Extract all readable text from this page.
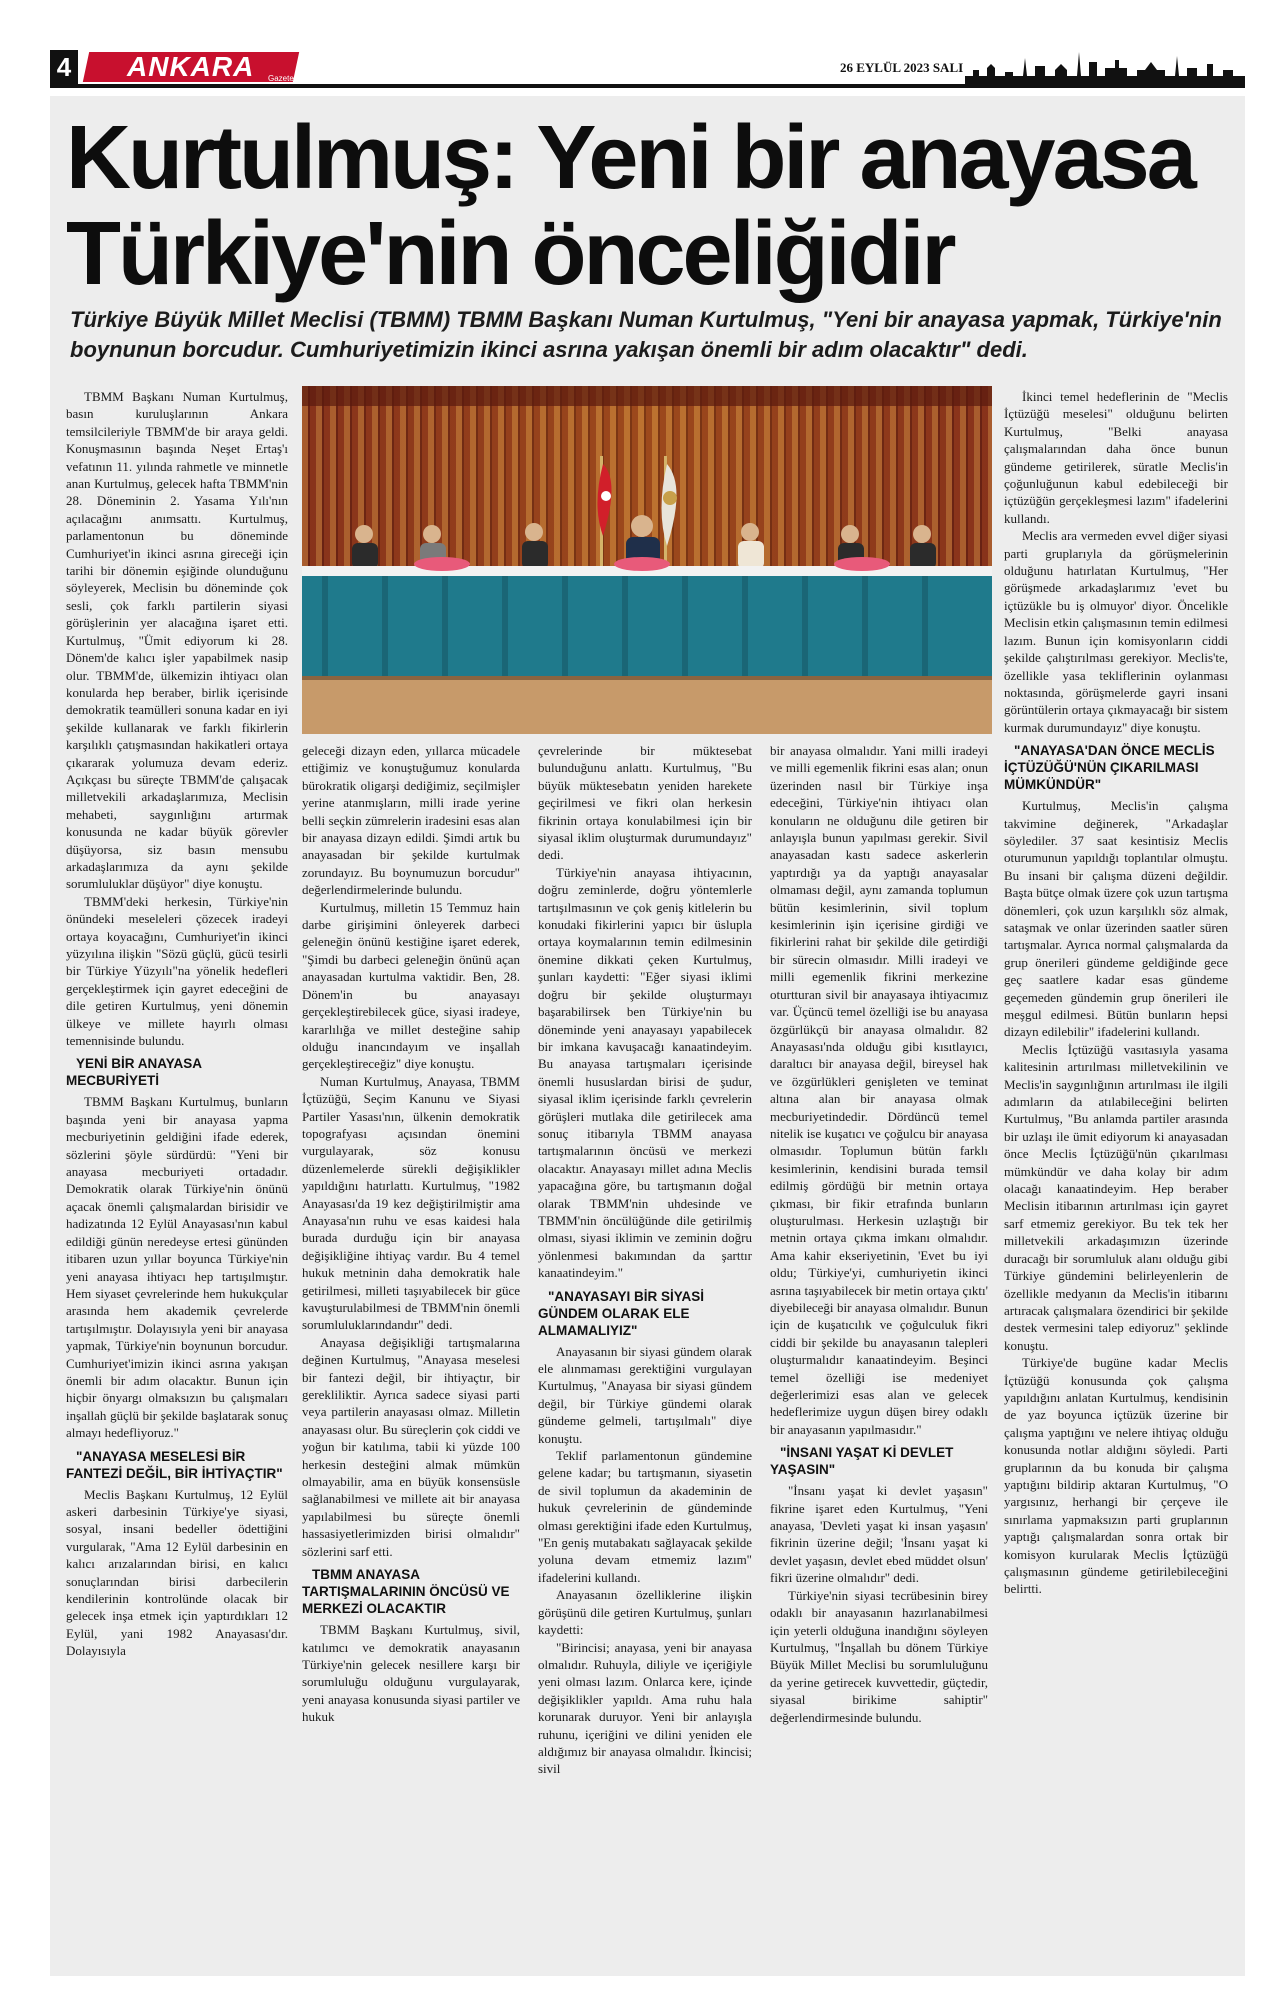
4	ANKARA	Gazetesi
26 EYLÜL 2023 SALI
Kurtulmuş: Yeni bir anayasa
Türkiye'nin önceliğidir
Türkiye Büyük Millet Meclisi (TBMM) TBMM Başkanı Numan Kurtulmuş, "Yeni bir anayasa yapmak, Türkiye'nin boynunun borcudur. Cumhuriyetimizin ikinci asrına yakışan önemli bir adım olacaktır" dedi.

TBMM Başkanı Numan Kurtulmuş, basın kuruluşlarının Ankara temsilcileriyle TBMM'de bir araya geldi. Konuşmasının başında Neşet Ertaş'ı vefatının 11. yılında rahmetle ve minnetle anan Kurtulmuş, gelecek hafta TBMM'nin 28. Döneminin 2. Yasama Yılı'nın açılacağını anımsattı. Kurtulmuş, parlamentonun bu döneminde Cumhuriyet'in ikinci asrına gireceği için tarihi bir dönemin eşiğinde olunduğunu söyleyerek, Meclisin bu döneminde çok sesli, çok farklı partilerin siyasi görüşlerinin yer alacağına işaret etti. Kurtulmuş, "Ümit ediyorum ki 28. Dönem'de kalıcı işler yapabilmek nasip olur. TBMM'de, ülkemizin ihtiyacı olan konularda hep beraber, birlik içerisinde demokratik teamülleri sonuna kadar en iyi şekilde kullanarak ve farklı fikirlerin karşılıklı çatışmasından hakikatleri ortaya çıkararak yolumuza devam ederiz. Açıkçası bu süreçte TBMM'de çalışacak milletvekili arkadaşlarımıza, Meclisin mehabeti, saygınlığını artırmak konusunda ne kadar büyük görevler düşüyorsa, siz basın mensubu arkadaşlarımıza da aynı şekilde sorumluluklar düşüyor" diye konuştu.

TBMM'deki herkesin, Türkiye'nin önündeki meseleleri çözecek iradeyi ortaya koyacağını, Cumhuriyet'in ikinci yüzyılına ilişkin "Sözü güçlü, gücü tesirli bir Türkiye Yüzyılı"na yönelik hedefleri gerçekleştirmek için gayret edeceğini de dile getiren Kurtulmuş, yeni dönemin ülkeye ve millete hayırlı olması temennisinde bulundu.

YENİ BİR ANAYASA MECBURİYETİ

TBMM Başkanı Kurtulmuş, bunların başında yeni bir anayasa yapma mecburiyetinin geldiğini ifade ederek, sözlerini şöyle sürdürdü: "Yeni bir anayasa mecburiyeti ortadadır. Demokratik olarak Türkiye'nin önünü açacak önemli çalışmalardan birisidir ve hadizatında 12 Eylül Anayasası'nın kabul edildiği günün neredeyse ertesi gününden itibaren uzun yıllar boyunca Türkiye'nin yeni anayasa ihtiyacı hep tartışılmıştır. Hem siyaset çevrelerinde hem hukukçular arasında hem akademik çevrelerde tartışılmıştır. Dolayısıyla yeni bir anayasa yapmak, Türkiye'nin boynunun borcudur. Cumhuriyet'imizin ikinci asrına yakışan önemli bir adım olacaktır. Bunun için hiçbir önyargı olmaksızın bu çalışmaları inşallah güçlü bir şekilde başlatarak sonuç almayı hedefliyoruz."

"ANAYASA MESELESİ BİR FANTEZİ DEĞİL, BİR İHTİYAÇTIR"

Meclis Başkanı Kurtulmuş, 12 Eylül askeri darbesinin Türkiye'ye siyasi, sosyal, insani bedeller ödettiğini vurgularak, "Ama 12 Eylül darbesinin en kalıcı arızalarından birisi, en kalıcı sonuçlarından birisi darbecilerin kendilerinin kontrolünde olacak bir gelecek inşa etmek için yaptırdıkları 12 Eylül, yani 1982 Anayasası'dır. Dolayısıyla

geleceği dizayn eden, yıllarca mücadele ettiğimiz ve konuştuğumuz konularda bürokratik oligarşi dediğimiz, seçilmişler yerine atanmışların, milli irade yerine belli seçkin zümrelerin iradesini esas alan bir anayasa dizayn edildi. Şimdi artık bu anayasadan bir şekilde kurtulmak zorundayız. Bu boynumuzun borcudur" değerlendirmelerinde bulundu.

Kurtulmuş, milletin 15 Temmuz hain darbe girişimini önleyerek darbeci geleneğin önünü kestiğine işaret ederek, "Şimdi bu darbeci geleneğin önünü açan anayasadan kurtulma vaktidir. Ben, 28. Dönem'in bu anayasayı gerçekleştirebilecek güce, siyasi iradeye, kararlılığa ve millet desteğine sahip olduğu inancındayım ve inşallah gerçekleştireceğiz" diye konuştu.

Numan Kurtulmuş, Anayasa, TBMM İçtüzüğü, Seçim Kanunu ve Siyasi Partiler Yasası'nın, ülkenin demokratik topografyası açısından önemini vurgulayarak, söz konusu düzenlemelerde sürekli değişiklikler yapıldığını hatırlattı. Kurtulmuş, "1982 Anayasası'da 19 kez değiştirilmiştir ama Anayasa'nın ruhu ve esas kaidesi hala burada durduğu için bir anayasa değişikliğine ihtiyaç vardır. Bu 4 temel hukuk metninin daha demokratik hale getirilmesi, milleti taşıyabilecek bir güce kavuşturulabilmesi de TBMM'nin önemli sorumluluklarındandır" dedi.

Anayasa değişikliği tartışmalarına değinen Kurtulmuş, "Anayasa meselesi bir fantezi değil, bir ihtiyaçtır, bir gerekliliktir. Ayrıca sadece siyasi parti veya partilerin anayasası olmaz. Milletin anayasası olur. Bu süreçlerin çok ciddi ve yoğun bir katılıma, tabii ki yüzde 100 herkesin desteğini almak mümkün olmayabilir, ama en büyük konsensüsle sağlanabilmesi ve millete ait bir anayasa yapılabilmesi bu süreçte önemli hassasiyetlerimizden birisi olmalıdır" sözlerini sarf etti.

TBMM ANAYASA TARTIŞMALARININ ÖNCÜSÜ VE MERKEZİ OLACAKTIR

TBMM Başkanı Kurtulmuş, sivil, katılımcı ve demokratik anayasanın Türkiye'nin gelecek nesillere karşı bir sorumluluğu olduğunu vurgulayarak, yeni anayasa konusunda siyasi partiler ve hukuk

çevrelerinde bir müktesebat bulunduğunu anlattı. Kurtulmuş, "Bu büyük müktesebatın yeniden harekete geçirilmesi ve fikri olan herkesin fikrinin ortaya konulabilmesi için bir siyasal iklim oluşturmak durumundayız" dedi.

Türkiye'nin anayasa ihtiyacının, doğru zeminlerde, doğru yöntemlerle tartışılmasının ve çok geniş kitlelerin bu konudaki fikirlerini yapıcı bir üslupla ortaya koymalarının temin edilmesinin önemine dikkati çeken Kurtulmuş, şunları kaydetti: "Eğer siyasi iklimi doğru bir şekilde oluşturmayı başarabilirsek ben Türkiye'nin bu döneminde yeni anayasayı yapabilecek bir imkana kavuşacağı kanaatindeyim. Bu anayasa tartışmaları içerisinde önemli hususlardan birisi de şudur, siyasal iklim içerisinde farklı çevrelerin görüşleri mutlaka dile getirilecek ama sonuç itibarıyla TBMM anayasa tartışmalarının öncüsü ve merkezi olacaktır. Anayasayı millet adına Meclis yapacağına göre, bu tartışmanın doğal olarak TBMM'nin uhdesinde ve TBMM'nin öncülüğünde dile getirilmiş olması, siyasi iklimin ve zeminin doğru yönlenmesi bakımından da şarttır kanaatindeyim."

"ANAYASAYI BİR SİYASİ GÜNDEM OLARAK ELE ALMAMALIYIZ"

Anayasanın bir siyasi gündem olarak ele alınmaması gerektiğini vurgulayan Kurtulmuş, "Anayasa bir siyasi gündem değil, bir Türkiye gündemi olarak gündeme gelmeli, tartışılmalı" diye konuştu.

Teklif parlamentonun gündemine gelene kadar; bu tartışmanın, siyasetin de sivil toplumun da akademinin de hukuk çevrelerinin de gündeminde olması gerektiğini ifade eden Kurtulmuş, "En geniş mutabakatı sağlayacak şekilde yoluna devam etmemiz lazım" ifadelerini kullandı.

Anayasanın özelliklerine ilişkin görüşünü dile getiren Kurtulmuş, şunları kaydetti:

"Birincisi; anayasa, yeni bir anayasa olmalıdır. Ruhuyla, diliyle ve içeriğiyle yeni olması lazım. Onlarca kere, içinde değişiklikler yapıldı. Ama ruhu hala korunarak duruyor. Yeni bir anlayışla ruhunu, içeriğini ve dilini yeniden ele aldığımız bir anayasa olmalıdır. İkincisi; sivil

bir anayasa olmalıdır. Yani milli iradeyi ve milli egemenlik fikrini esas alan; onun üzerinden nasıl bir Türkiye inşa edeceğini, Türkiye'nin ihtiyacı olan konuların ne olduğunu dile getiren bir anlayışla bunun yapılması gerekir. Sivil anayasadan kastı sadece askerlerin yaptırdığı ya da yaptığı anayasalar olmaması değil, aynı zamanda toplumun bütün kesimlerinin, sivil toplum kesimlerinin işin içerisine girdiği ve fikirlerini rahat bir şekilde dile getirdiği bir sürecin olmasıdır. Milli iradeyi ve milli egemenlik fikrini merkezine oturtturan sivil bir anayasaya ihtiyacımız var. Üçüncü temel özelliği ise bu anayasa özgürlükçü bir anayasa olmalıdır. 82 Anayasası'nda olduğu gibi kısıtlayıcı, daraltıcı bir anayasa değil, bireysel hak ve özgürlükleri genişleten ve teminat altına alan bir anayasa olmak mecburiyetindedir. Dördüncü temel nitelik ise kuşatıcı ve çoğulcu bir anayasa olmasıdır. Toplumun bütün farklı kesimlerinin, kendisini burada temsil edilmiş gördüğü bir metnin ortaya çıkması, bir fikir etrafında bunların oluşturulması. Herkesin uzlaştığı bir metnin ortaya çıkma imkanı olmalıdır. Ama kahir ekseriyetinin, 'Evet bu iyi oldu; Türkiye'yi, cumhuriyetin ikinci asrına taşıyabilecek bir metin ortaya çıktı' diyebileceği bir anayasa olmalıdır. Bunun için de kuşatıcılık ve çoğulculuk fikri ciddi bir şekilde bu anayasanın talepleri oluşturmalıdır kanaatindeyim. Beşinci temel özelliği ise medeniyet değerlerimizi esas alan ve gelecek hedeflerimize uygun düşen birey odaklı bir anayasanın yapılmasıdır."

"İNSANI YAŞAT Kİ DEVLET YAŞASIN"

"İnsanı yaşat ki devlet yaşasın" fikrine işaret eden Kurtulmuş, "Yeni anayasa, 'Devleti yaşat ki insan yaşasın' fikrinin üzerine değil; 'İnsanı yaşat ki devlet yaşasın, devlet ebed müddet olsun' fikri üzerine olmalıdır" dedi.

Türkiye'nin siyasi tecrübesinin birey odaklı bir anayasanın hazırlanabilmesi için yeterli olduğuna inandığını söyleyen Kurtulmuş, "İnşallah bu dönem Türkiye Büyük Millet Meclisi bu sorumluluğunu da yerine getirecek kuvvettedir, güçtedir, siyasal birikime sahiptir" değerlendirmesinde bulundu.

İkinci temel hedeflerinin de "Meclis İçtüzüğü meselesi" olduğunu belirten Kurtulmuş, "Belki anayasa çalışmalarından daha önce bunun gündeme getirilerek, süratle Meclis'in çoğunluğunun kabul edebileceği bir içtüzüğün gerçekleşmesi lazım" ifadelerini kullandı.

Meclis ara vermeden evvel diğer siyasi parti gruplarıyla da görüşmelerinin olduğunu hatırlatan Kurtulmuş, "Her görüşmede arkadaşlarımız 'evet bu içtüzükle bu iş olmuyor' diyor. Öncelikle Meclisin etkin çalışmasının temin edilmesi lazım. Bunun için komisyonların ciddi şekilde çalıştırılması gerekiyor. Meclis'te, özellikle yasa tekliflerinin oylanması noktasında, görüşmelerde gayri insani görüntülerin ortaya çıkmayacağı bir sistem kurmak durumundayız" diye konuştu.

"ANAYASA'DAN ÖNCE MECLİS İÇTÜZÜĞÜ'NÜN ÇIKARILMASI MÜMKÜNDÜR"

Kurtulmuş, Meclis'in çalışma takvimine değinerek, "Arkadaşlar söylediler. 37 saat kesintisiz Meclis oturumunun yapıldığı toplantılar olmuştu. Bu insani bir çalışma düzeni değildir. Başta bütçe olmak üzere çok uzun tartışma dönemleri, çok uzun karşılıklı söz almak, sataşmak ve onlar üzerinden saatler süren tartışmalar. Ayrıca normal çalışmalarda da grup önerileri gündeme geldiğinde gece geç saatlere kadar esas gündeme geçemeden gündemin grup önerileri ile meşgul edilmesi. Bütün bunların hepsi dizayn edilebilir" ifadelerini kullandı.

Meclis İçtüzüğü vasıtasıyla yasama kalitesinin artırılması milletvekilinin ve Meclis'in saygınlığının artırılması ile ilgili adımların da atılabileceğini belirten Kurtulmuş, "Bu anlamda partiler arasında bir uzlaşı ile ümit ediyorum ki anayasadan önce Meclis İçtüzüğü'nün çıkarılması mümkündür ve daha kolay bir adım olacağı kanaatindeyim. Hep beraber Meclisin itibarının artırılması için gayret sarf etmemiz gerekiyor. Bu tek tek her milletvekili arkadaşımızın üzerinde duracağı bir sorumluluk alanı olduğu gibi Türkiye gündemini belirleyenlerin de özellikle medyanın da Meclis'in itibarını artıracak çalışmalara özendirici bir şekilde destek vermesini talep ediyoruz" şeklinde konuştu.

Türkiye'de bugüne kadar Meclis İçtüzüğü konusunda çok çalışma yapıldığını anlatan Kurtulmuş, kendisinin de yaz boyunca içtüzük üzerine bir çalışma yaptığını ve nelere ihtiyaç olduğu konusunda notlar aldığını söyledi. Parti gruplarının da bu konuda bir çalışma yaptığını bildirip aktaran Kurtulmuş, "O yargısınız, herhangi bir çerçeve ile sınırlama yapmaksızın parti gruplarının yaptığı çalışmalardan sonra ortak bir komisyon kurularak Meclis İçtüzüğü çalışmasının gündeme getirilebileceğini belirtti.
